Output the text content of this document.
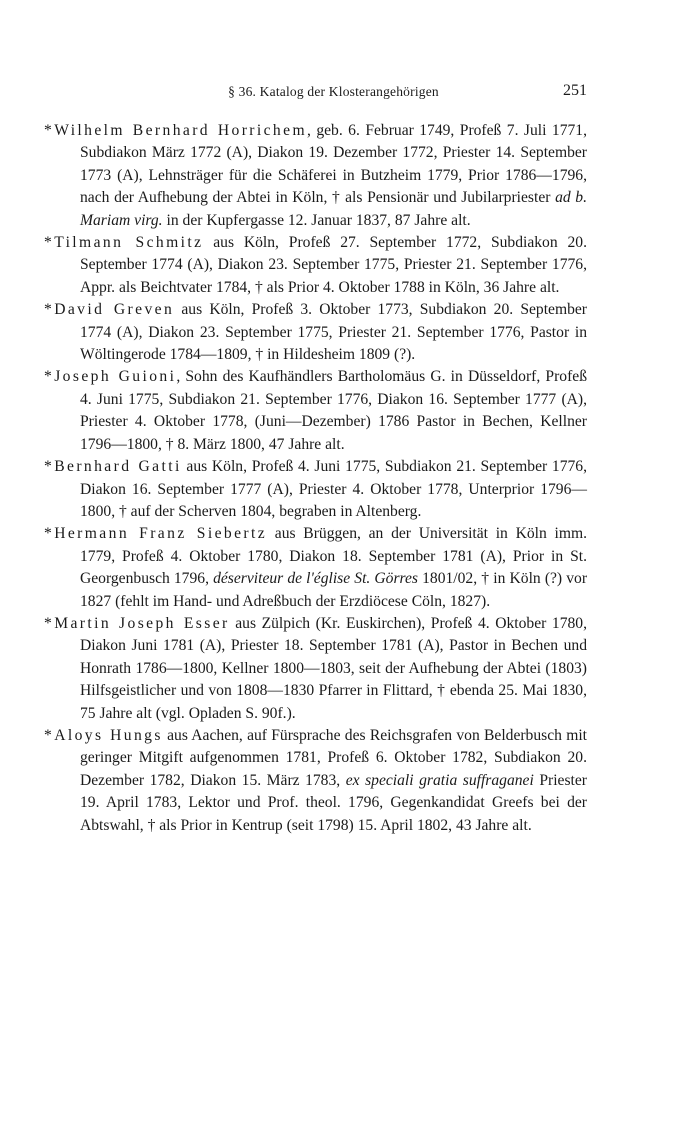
§ 36. Katalog der Klosterangehörigen	251

*Wilhelm Bernhard Horrichem, geb. 6. Februar 1749, Profeß 7. Juli 1771, Subdiakon März 1772 (A), Diakon 19. Dezember 1772, Priester 14. September 1773 (A), Lehnsträger für die Schäferei in Butzheim 1779, Prior 1786—1796, nach der Aufhebung der Abtei in Köln, † als Pensionär und Jubilarpriester ad b. Mariam virg. in der Kupfergasse 12. Januar 1837, 87 Jahre alt.

*Tilmann Schmitz aus Köln, Profeß 27. September 1772, Subdiakon 20. September 1774 (A), Diakon 23. September 1775, Priester 21. September 1776, Appr. als Beichtvater 1784, † als Prior 4. Oktober 1788 in Köln, 36 Jahre alt.

*David Greven aus Köln, Profeß 3. Oktober 1773, Subdiakon 20. September 1774 (A), Diakon 23. September 1775, Priester 21. September 1776, Pastor in Wöltingerode 1784—1809, † in Hildesheim 1809 (?).

*Joseph Guioni, Sohn des Kaufhändlers Bartholomäus G. in Düsseldorf, Profeß 4. Juni 1775, Subdiakon 21. September 1776, Diakon 16. September 1777 (A), Priester 4. Oktober 1778, (Juni—Dezember) 1786 Pastor in Bechen, Kellner 1796—1800, † 8. März 1800, 47 Jahre alt.

*Bernhard Gatti aus Köln, Profeß 4. Juni 1775, Subdiakon 21. September 1776, Diakon 16. September 1777 (A), Priester 4. Oktober 1778, Unterprior 1796—1800, † auf der Scherven 1804, begraben in Altenberg.

*Hermann Franz Siebertz aus Brüggen, an der Universität in Köln imm. 1779, Profeß 4. Oktober 1780, Diakon 18. September 1781 (A), Prior in St. Georgenbusch 1796, déserviteur de l'église St. Görres 1801/02, † in Köln (?) vor 1827 (fehlt im Hand- und Adreßbuch der Erzdiöcese Cöln, 1827).

*Martin Joseph Esser aus Zülpich (Kr. Euskirchen), Profeß 4. Oktober 1780, Diakon Juni 1781 (A), Priester 18. September 1781 (A), Pastor in Bechen und Honrath 1786—1800, Kellner 1800—1803, seit der Aufhebung der Abtei (1803) Hilfsgeistlicher und von 1808—1830 Pfarrer in Flittard, † ebenda 25. Mai 1830, 75 Jahre alt (vgl. Opladen S. 90f.).

*Aloys Hungs aus Aachen, auf Fürsprache des Reichsgrafen von Belderbusch mit geringer Mitgift aufgenommen 1781, Profeß 6. Oktober 1782, Subdiakon 20. Dezember 1782, Diakon 15. März 1783, ex speciali gratia suffraganei Priester 19. April 1783, Lektor und Prof. theol. 1796, Gegenkandidat Greefs bei der Abtswahl, † als Prior in Kentrup (seit 1798) 15. April 1802, 43 Jahre alt.
